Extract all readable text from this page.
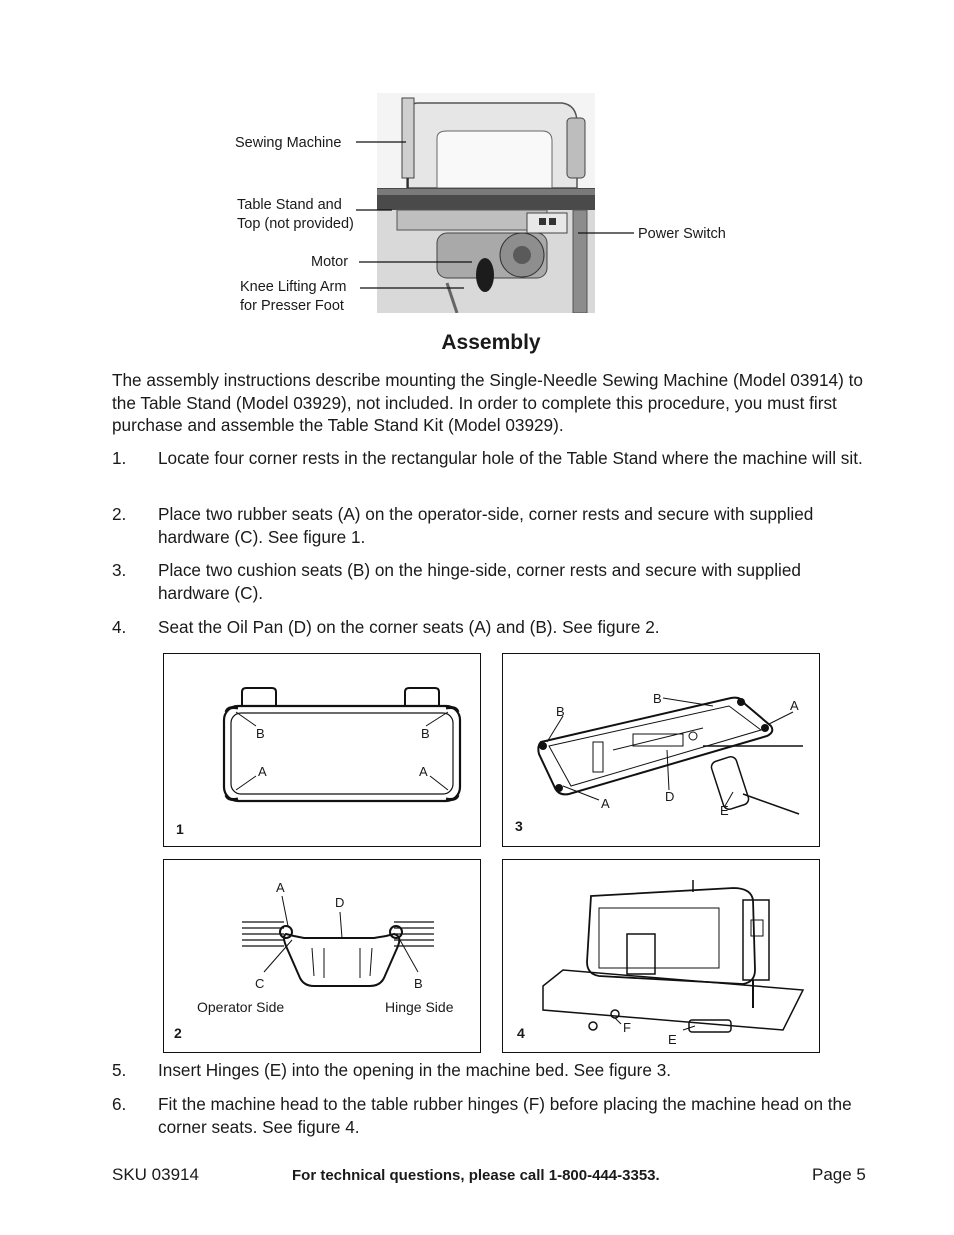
Sewing Machine
Table Stand and
Top (not provided)
Motor
Knee Lifting Arm
for Presser Foot
Power Switch
Assembly
The assembly instructions describe mounting the Single-Needle Sewing Machine (Model 03914) to the Table Stand (Model 03929), not included. In order to complete this procedure, you must first purchase and assemble the Table Stand Kit (Model 03929).
1. Locate four corner rests in the rectangular hole of the Table Stand where the machine will sit.
2. Place two rubber seats (A) on the operator-side, corner rests and secure with supplied hardware (C). See figure 1.
3. Place two cushion seats (B) on the hinge-side, corner rests and secure with supplied hardware (C).
4. Seat the Oil Pan (D) on the corner seats (A) and (B). See figure 2.
B	B
A	A
1
B
B	A
A	D
E
3
A
D
C	B
Operator Side	Hinge Side
2	F
E
4
5. Insert Hinges (E) into the opening in the machine bed. See figure 3.
6. Fit the machine head to the table rubber hinges (F) before placing the machine head on the corner seats. See figure 4.
SKU 03914	For technical questions, please call 1-800-444-3353.	Page 5
